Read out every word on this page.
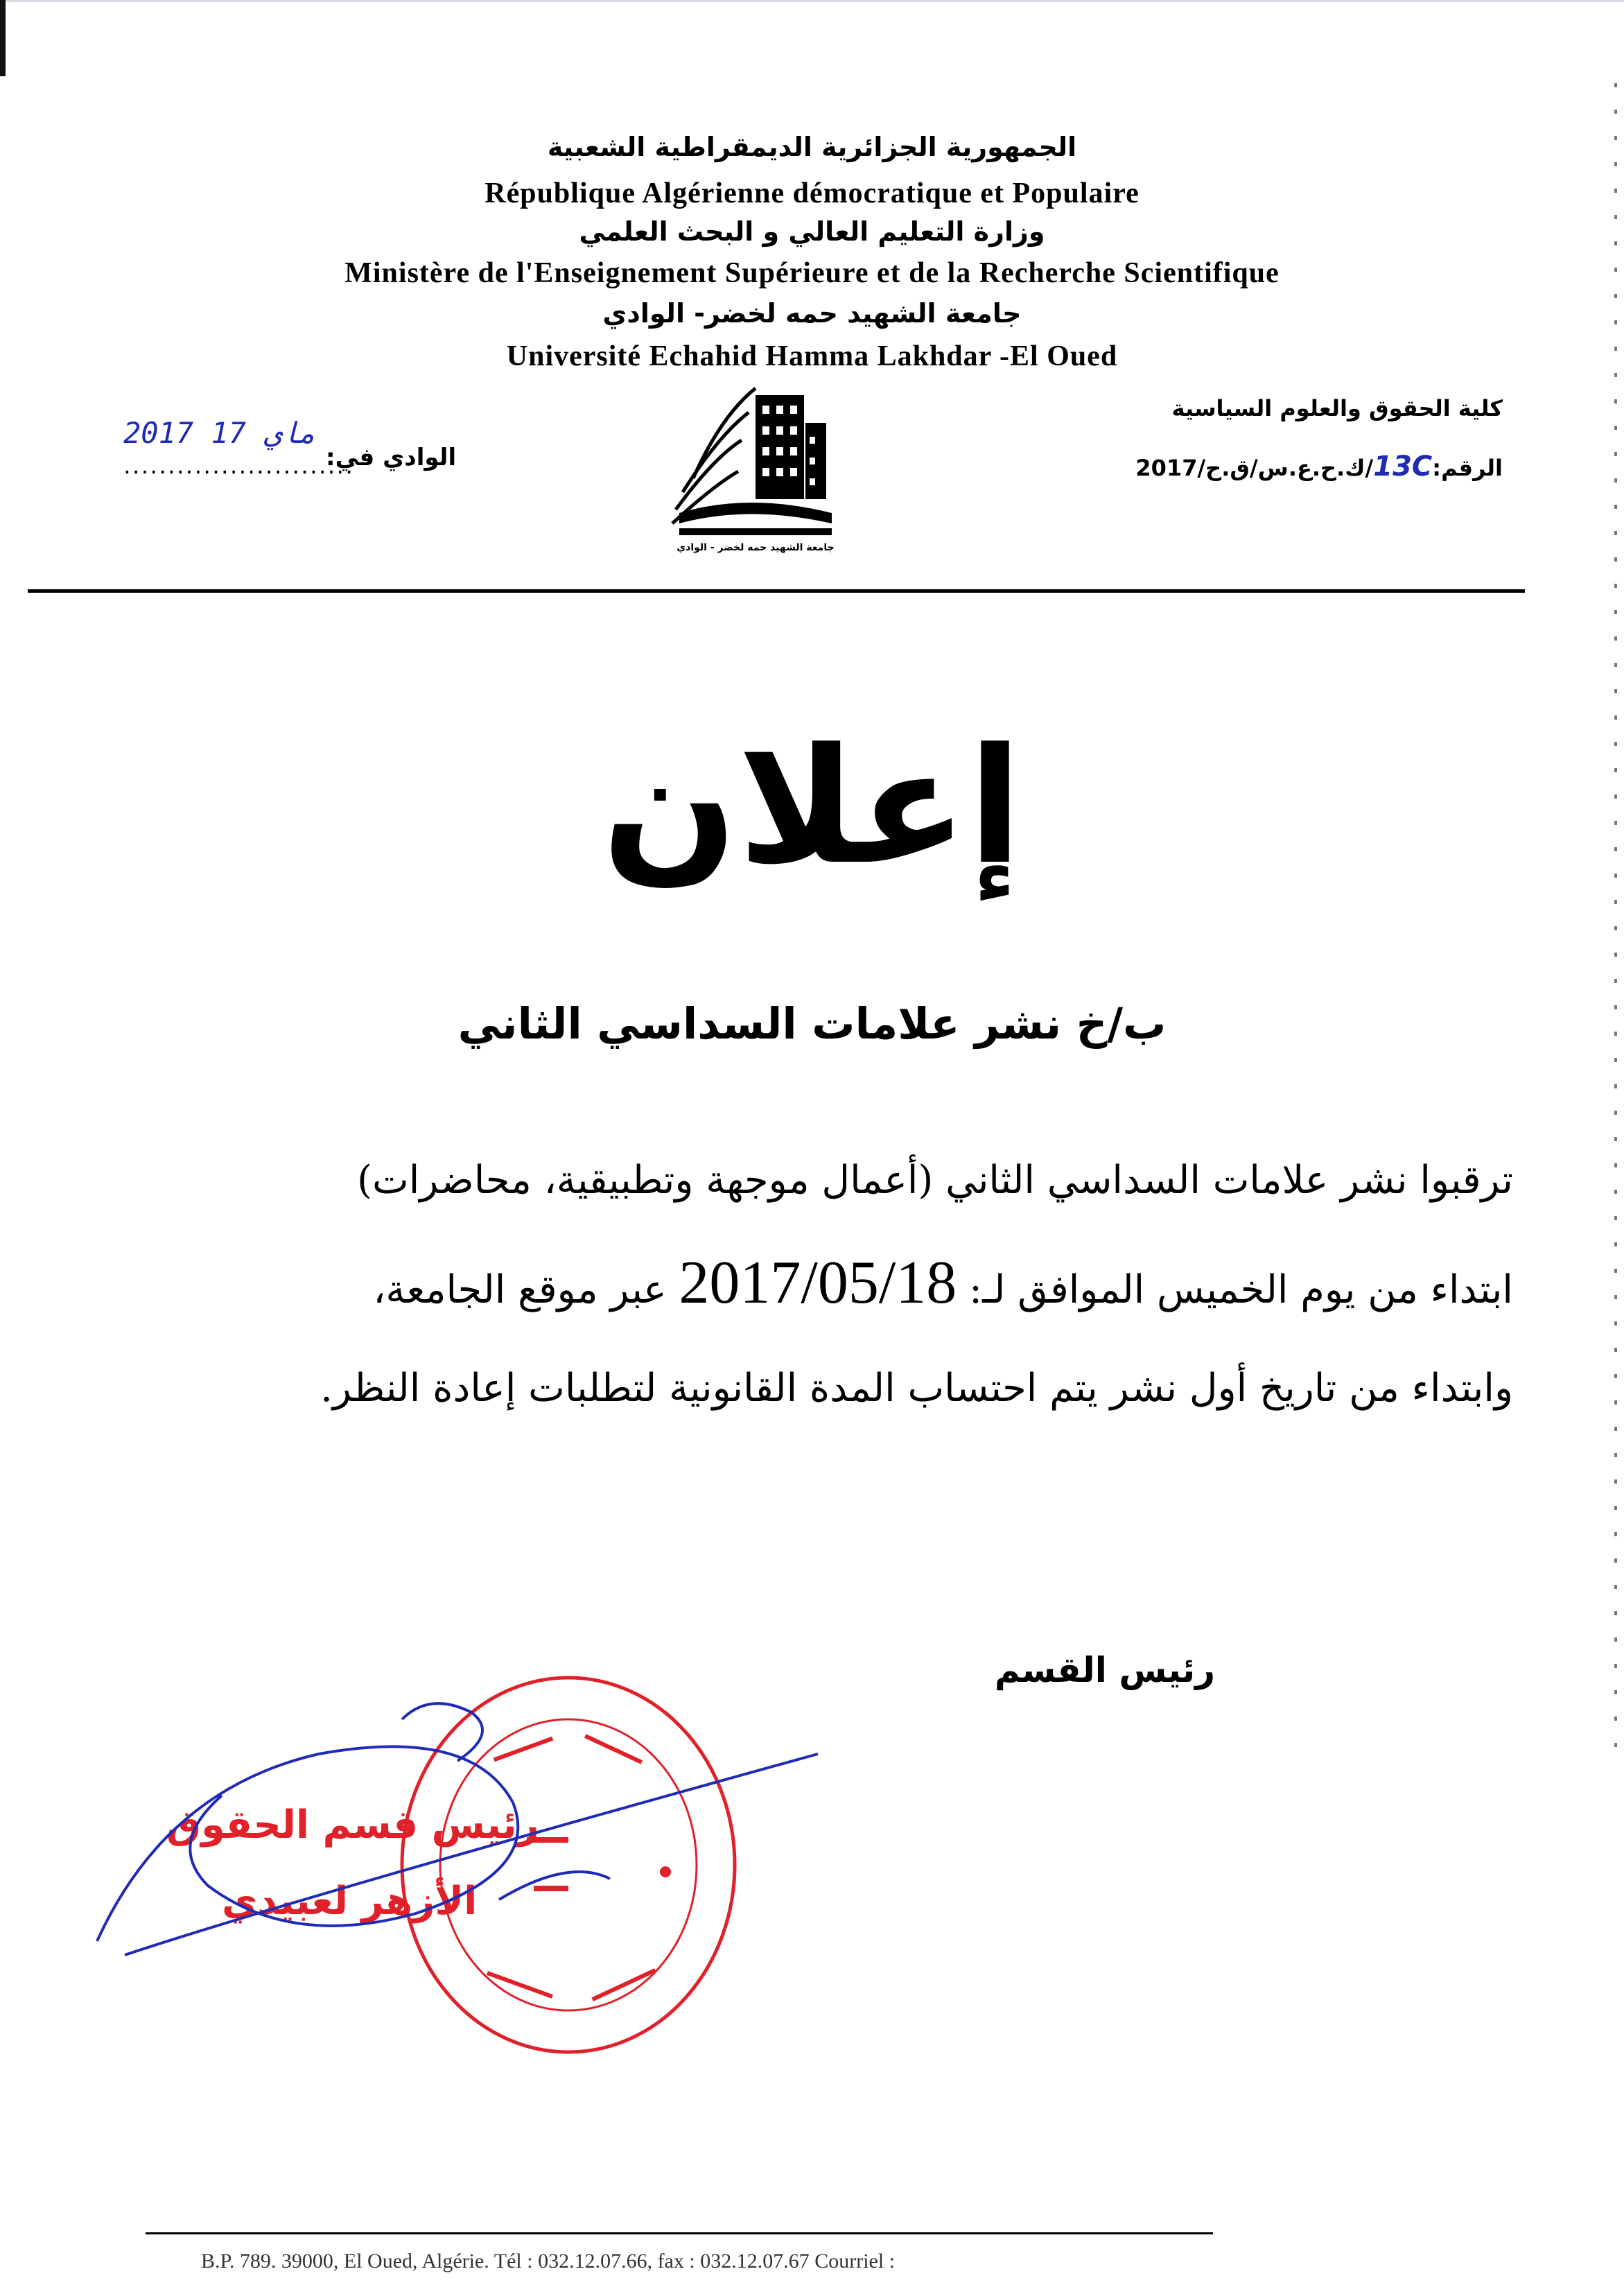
الجمهورية الجزائرية الديمقراطية الشعبية
République Algérienne démocratique et Populaire
وزارة التعليم العالي و البحث العلمي
Ministère de l'Enseignement Supérieure et de la Recherche Scientifique
جامعة الشهيد حمه لخضر- الوادي
Université Echahid Hamma Lakhdar -El Oued
كلية الحقوق والعلوم السياسية
الرقم:13C/ك.ح.ع.س/ق.ح/2017
2017 ماي 17
..........................
الوادي في:
جامعة الشهيد حمه لخضر - الوادي
إعلان
ب/خ نشر علامات السداسي الثاني
ترقبوا نشر علامات السداسي الثاني (أعمال موجهة وتطبيقية، محاضرات)
ابتداء من يوم الخميس الموافق لـ: 2017/05/18 عبر موقع الجامعة،
وابتداء من تاريخ أول نشر يتم احتساب المدة القانونية لتطلبات إعادة النظر.
رئيس القسم
رئيس قسم الحقوق
الأزهر لعبيدي
B.P. 789. 39000, El Oued, Algérie. Tél : 032.12.07.66, fax : 032.12.07.67 Courriel :
